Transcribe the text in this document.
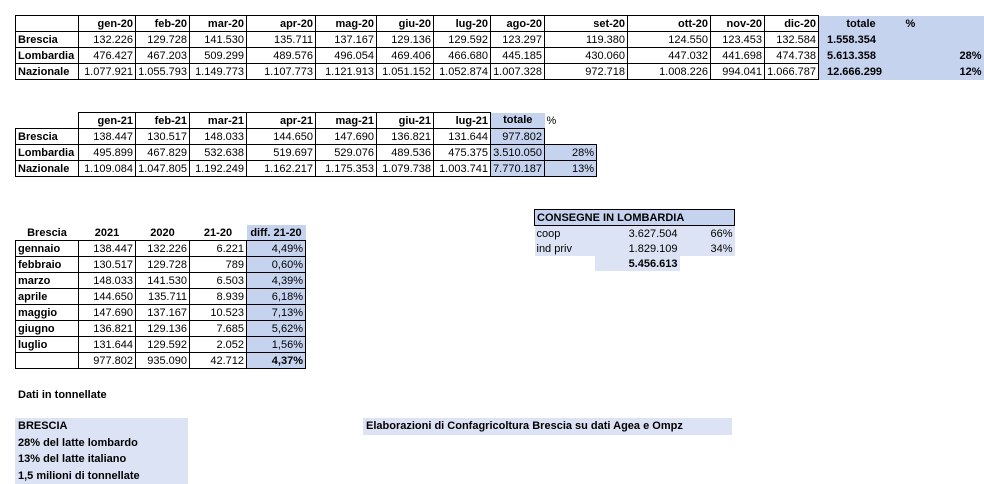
	gen-20	feb-20	mar-20	apr-20	mag-20	giu-20	lug-20	ago-20	set-20	ott-20	nov-20	dic-20	totale	%
Brescia	132.226	129.728	141.530	135.711	137.167	129.136	129.592	123.297	119.380	124.550	123.453	132.584	1.558.354	
Lombardia	476.427	467.203	509.299	489.576	496.054	469.406	466.680	445.185	430.060	447.032	441.698	474.738	5.613.358	28%
Nazionale	1.077.921	1.055.793	1.149.773	1.107.773	1.121.913	1.051.152	1.052.874	1.007.328	972.718	1.008.226	994.041	1.066.787	12.666.299	12%
	gen-21	feb-21	mar-21	apr-21	mag-21	giu-21	lug-21	totale	%
Brescia	138.447	130.517	148.033	144.650	147.690	136.821	131.644	977.802	
Lombardia	495.899	467.829	532.638	519.697	529.076	489.536	475.375	3.510.050	28%
Nazionale	1.109.084	1.047.805	1.192.249	1.162.217	1.175.353	1.079.738	1.003.741	7.770.187	13%
Brescia	2021	2020	21-20	diff. 21-20
gennaio	138.447	132.226	6.221	4,49%
febbraio	130.517	129.728	789	0,60%
marzo	148.033	141.530	6.503	4,39%
aprile	144.650	135.711	8.939	6,18%
maggio	147.690	137.167	10.523	7,13%
giugno	136.821	129.136	7.685	5,62%
luglio	131.644	129.592	2.052	1,56%
	977.802	935.090	42.712	4,37%
CONSEGNE IN LOMBARDIA		
coop	3.627.504	66%
ind priv	1.829.109	34%
	5.456.613	
Dati in tonnellate
BRESCIA
28% del latte lombardo
13% del latte italiano
1,5 milioni di tonnellate
Elaborazioni di Confagricoltura Brescia su dati Agea e Ompz
